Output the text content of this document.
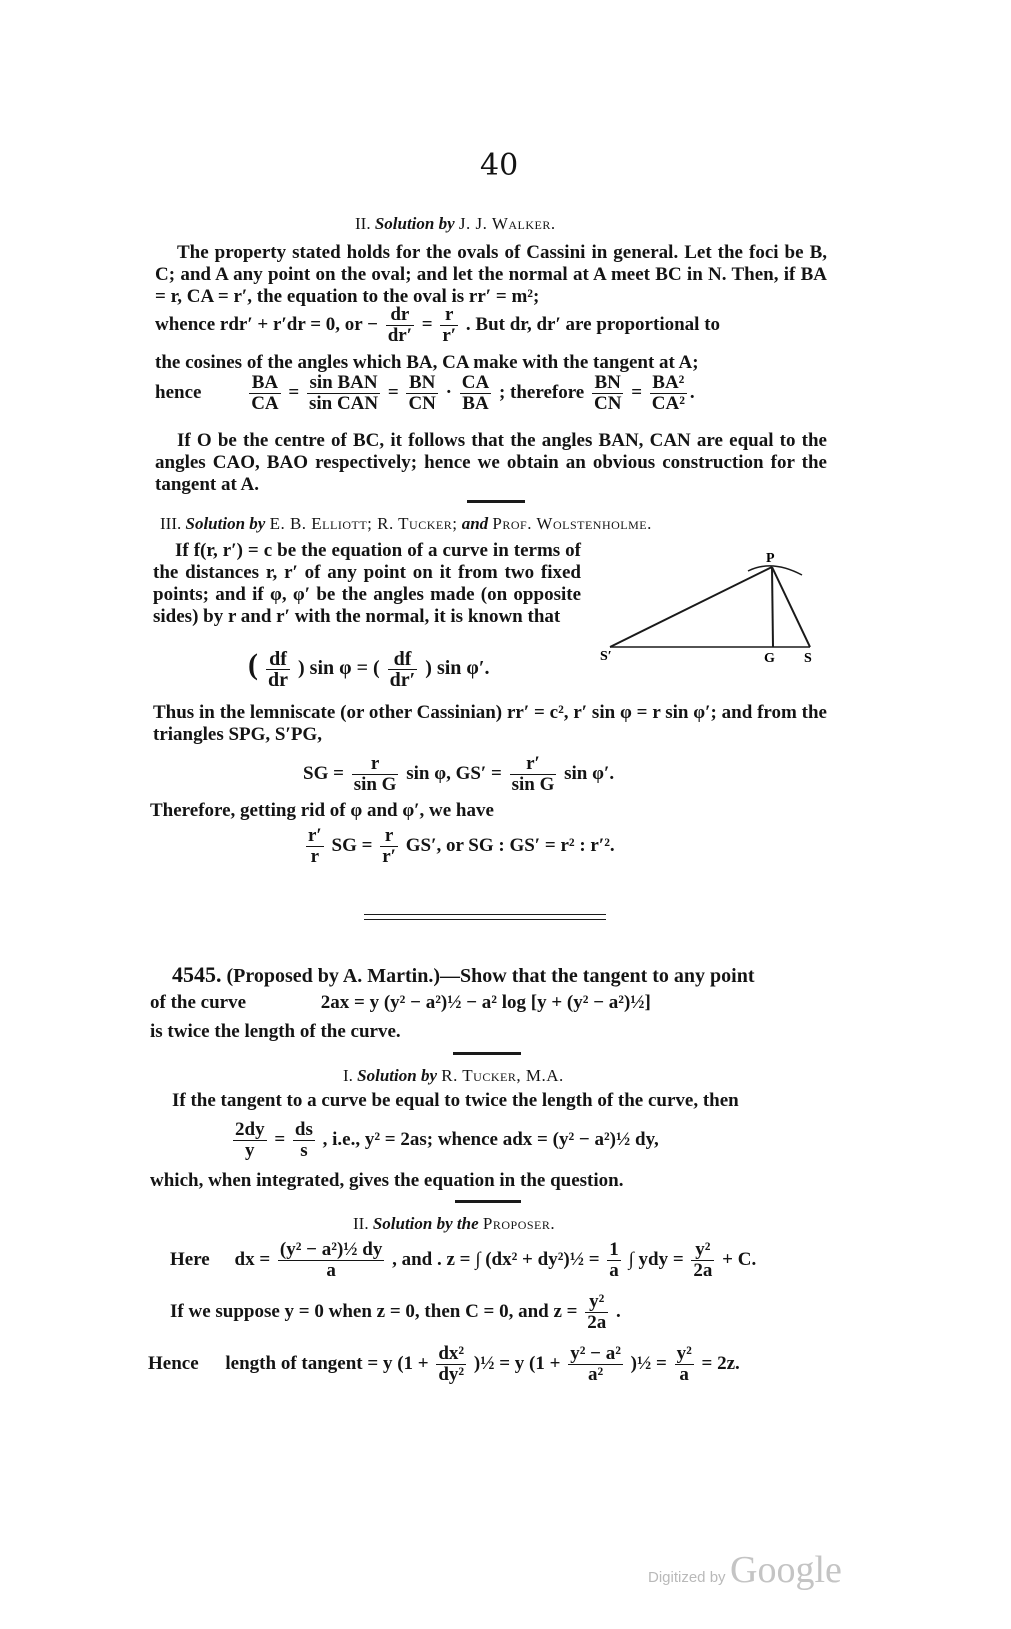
40
II. Solution by J. J. Walker.
The property stated holds for the ovals of Cassini in general. Let the foci be B, C; and A any point on the oval; and let the normal at A meet BC in N. Then, if BA = r, CA = r′, the equation to the oval is rr′ = m²;
whence rdr′ + r′dr = 0, or − $\frac{dr}{dr'} = \frac{r}{r'}$ . But dr, dr′ are proportional to
the cosines of the angles which BA, CA make with the tangent at A;
hence	$\frac{BA}{CA} = \frac{\text{sin BAN}}{\text{sin CAN}} = \frac{BN}{CN} \cdot \frac{CA}{BA}$ ; therefore $\frac{BN}{CN} = \frac{\text{BA²}}{\text{CA²}}$ .
If O be the centre of BC, it follows that the angles BAN, CAN are equal to the angles CAO, BAO respectively; hence we obtain an obvious construction for the tangent at A.
III. Solution by E. B. Elliott; R. Tucker; and Prof. Wolstenholme.
If f(r, r′) = c be the equation of a curve in terms of the distances r, r′ of any point on it from two fixed points; and if φ, φ′ be the angles made (on opposite sides) by r and r′ with the normal, it is known that
P
S′	G S
( $\frac{df}{dr}$ ) sin φ = ( $\frac{df}{dr'}$ ) sin φ′.
Thus in the lemniscate (or other Cassinian) rr′ = c², r′ sin φ = r sin φ′; and from the triangles SPG, S′PG,
SG = $\frac{r}{\text{sin G}}$ sin φ, $GS' = \frac{r'}{\text{sin G}}$ sin φ′.
Therefore, getting rid of φ and φ′, we have
$\frac{r'}{r}$ SG = $\frac{r}{r'} GS'$, or SG : GS′ = r² : r′².
4545. (Proposed by A. Martin.)—Show that the tangent to any point
of the curve	2ax = y (y² − a²)½ − a² log [y + (y² − a²)½]
is twice the length of the curve.
I. Solution by R. Tucker, M.A.
If the tangent to a curve be equal to twice the length of the curve, then
$\frac{2dy}{y} = \frac{ds}{s}$ , i.e., y² = 2as; whence adx = (y² − a²)½ dy,
which, when integrated, gives the equation in the question.
II. Solution by the Proposer.
Here dx = $\frac{\text{(y² − a²)½ dy}}{a}$ , and . z = ∫ (dx² + dy²)½ = $\frac{1}{a}$ ∫ ydy = $\frac{\text{y²}}{2a} + C$.
If we suppose y = 0 when z = 0, then C = 0, and $z = \frac{\text{y²}}{2a}$ .
Hence length of tangent = y ($1 + \frac{\text{dx²}}{\text{dy²}}$ )½ = y ($1 + \frac{\text{y² − a²}}{\text{a²}}$ )½ = $\frac{\text{y²}}{a} = 2z$.
Digitized by Google
